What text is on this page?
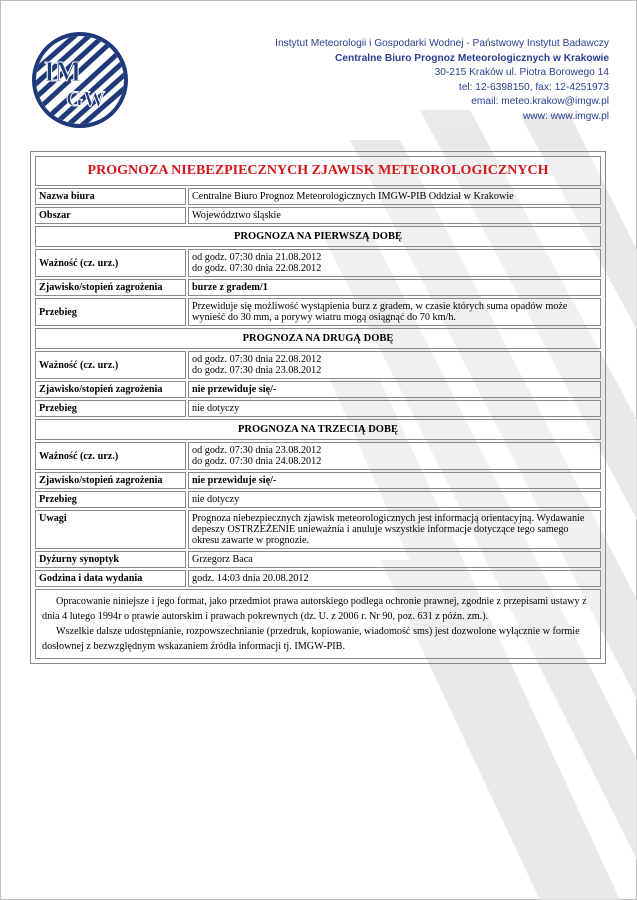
IM
GW
Instytut Meteorologii i Gospodarki Wodnej - Państwowy Instytut Badawczy
Centralne Biuro Prognoz Meteorologicznych w Krakowie
30-215 Kraków ul. Piotra Borowego 14
tel: 12-6398150, fax: 12-4251973
email: meteo.krakow@imgw.pl
www: www.imgw.pl
PROGNOZA NIEBEZPIECZNYCH ZJAWISK METEOROLOGICZNYCH	
Nazwa biura	Centralne Biuro Prognoz Meteorologicznych IMGW-PIB Oddział w Krakowie
Obszar	Województwo śląskie
PROGNOZA NA PIERWSZĄ DOBĘ	
Ważność (cz. urz.)	od godz. 07:30 dnia 21.08.2012
do godz. 07:30 dnia 22.08.2012

Zjawisko/stopień zagrożenia	burze z gradem/1
Przebieg	Przewiduje się możliwość wystąpienia burz z gradem, w czasie których suma opadów może wynieść do 30 mm, a porywy wiatru mogą osiągnąć do 70 km/h.
PROGNOZA NA DRUGĄ DOBĘ	
Ważność (cz. urz.)	od godz. 07:30 dnia 22.08.2012
do godz. 07:30 dnia 23.08.2012

Zjawisko/stopień zagrożenia	nie przewiduje się/-
Przebieg	nie dotyczy
PROGNOZA NA TRZECIĄ DOBĘ	
Ważność (cz. urz.)	od godz. 07:30 dnia 23.08.2012
do godz. 07:30 dnia 24.08.2012

Zjawisko/stopień zagrożenia	nie przewiduje się/-
Przebieg	nie dotyczy
Uwagi	Prognoza niebezpiecznych zjawisk meteorologicznych jest informacją orientacyjną. Wydawanie depeszy OSTRZEŻENIE unieważnia i anuluje wszystkie informacje dotyczące tego samego okresu zawarte w prognozie.
Dyżurny synoptyk	Grzegorz Baca
Godzina i data wydania	godz. 14:03 dnia 20.08.2012

Opracowanie niniejsze i jego format, jako przedmiot prawa autorskiego podlega ochronie prawnej, zgodnie z przepisami ustawy z dnia 4 lutego 1994r o prawie autorskim i prawach pokrewnych (dz. U. z 2006 r. Nr 90, poz. 631 z późn. zm.).

Wszelkie dalsze udostępnianie, rozpowszechnianie (przedruk, kopiowanie, wiadomość sms) jest dozwolone wyłącznie w formie dosłownej z bezwzględnym wskazaniem źródła informacji tj. IMGW-PIB.	
